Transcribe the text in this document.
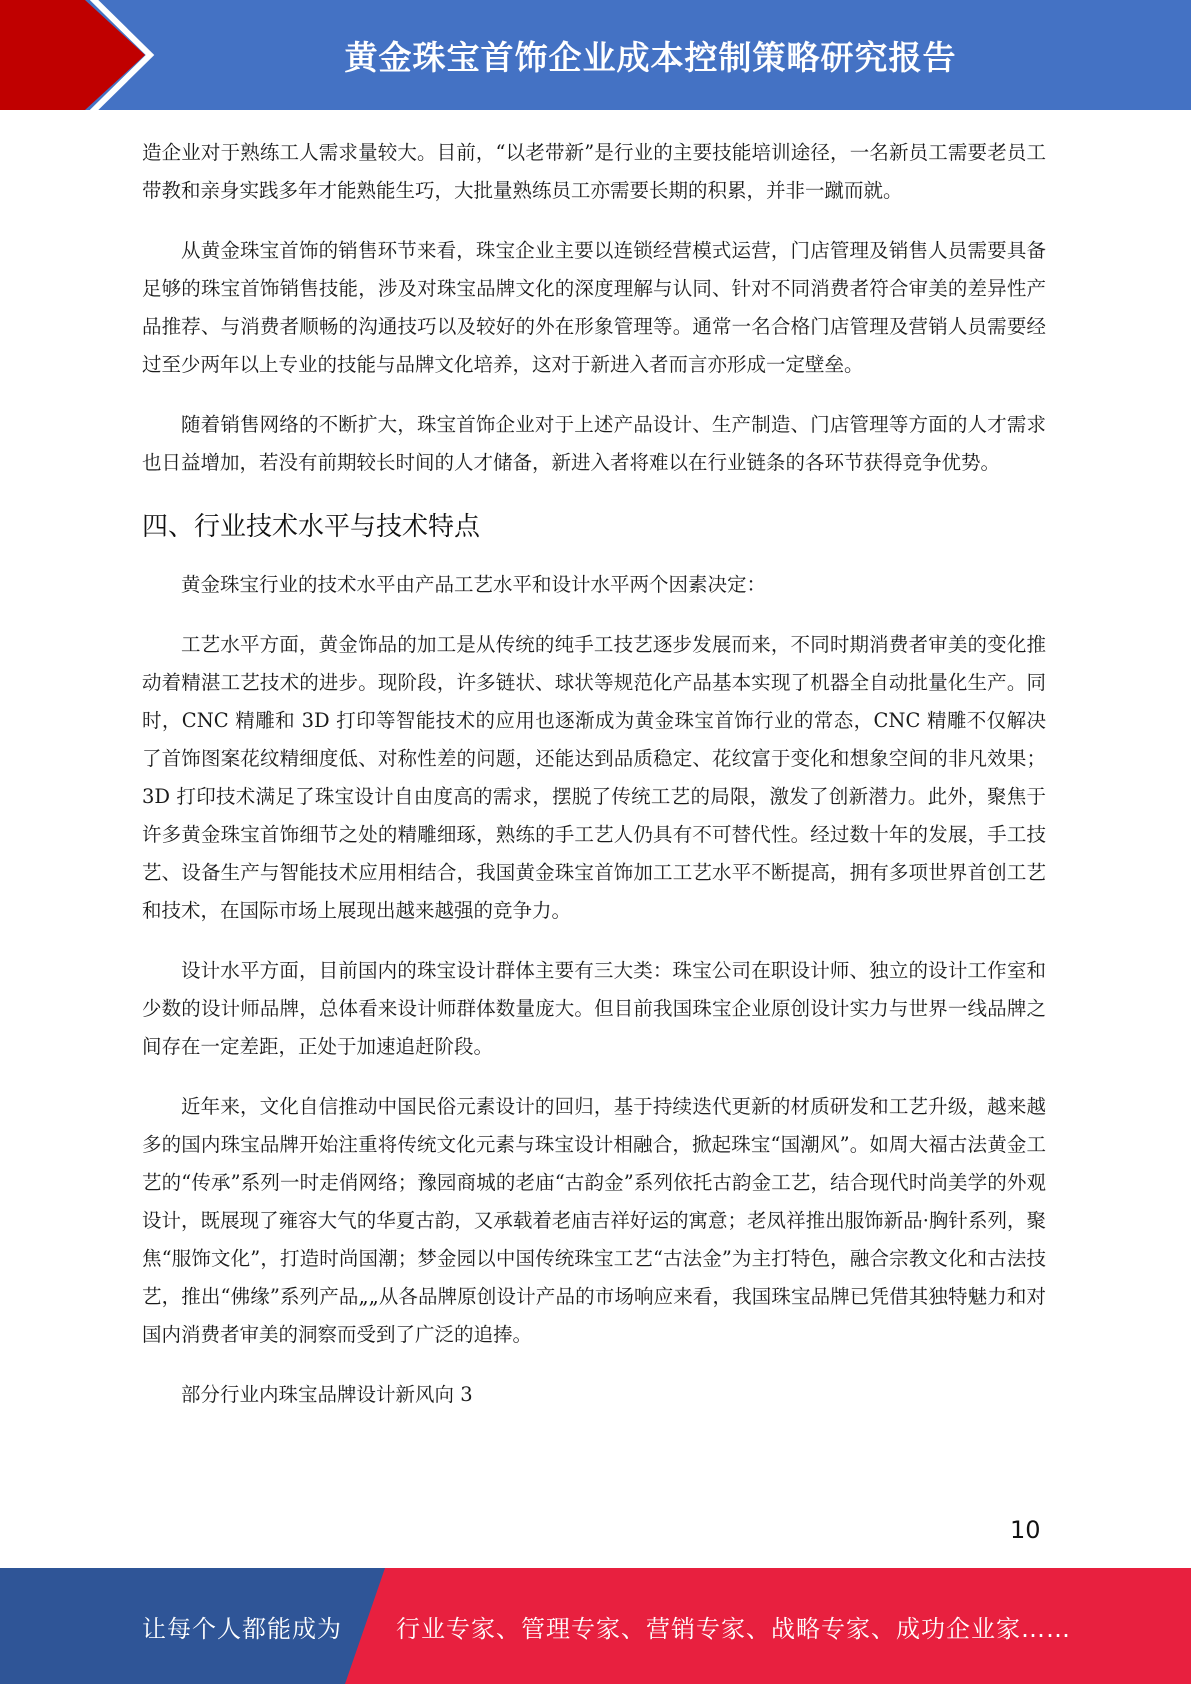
黄金珠宝首饰企业成本控制策略研究报告

造企业对于熟练工人需求量较大。目前，“以老带新”是行业的主要技能培训途径，一名新员工需要老员工带教和亲身实践多年才能熟能生巧，大批量熟练员工亦需要长期的积累，并非一蹴而就。

从黄金珠宝首饰的销售环节来看，珠宝企业主要以连锁经营模式运营，门店管理及销售人员需要具备足够的珠宝首饰销售技能，涉及对珠宝品牌文化的深度理解与认同、针对不同消费者符合审美的差异性产品推荐、与消费者顺畅的沟通技巧以及较好的外在形象管理等。通常一名合格门店管理及营销人员需要经过至少两年以上专业的技能与品牌文化培养，这对于新进入者而言亦形成一定壁垒。

随着销售网络的不断扩大，珠宝首饰企业对于上述产品设计、生产制造、门店管理等方面的人才需求也日益增加，若没有前期较长时间的人才储备，新进入者将难以在行业链条的各环节获得竞争优势。

四、行业技术水平与技术特点

黄金珠宝行业的技术水平由产品工艺水平和设计水平两个因素决定：

工艺水平方面，黄金饰品的加工是从传统的纯手工技艺逐步发展而来，不同时期消费者审美的变化推动着精湛工艺技术的进步。现阶段，许多链状、球状等规范化产品基本实现了机器全自动批量化生产。同时，CNC 精雕和 3D 打印等智能技术的应用也逐渐成为黄金珠宝首饰行业的常态，CNC 精雕不仅解决了首饰图案花纹精细度低、对称性差的问题，还能达到品质稳定、花纹富于变化和想象空间的非凡效果；3D 打印技术满足了珠宝设计自由度高的需求，摆脱了传统工艺的局限，激发了创新潜力。此外，聚焦于许多黄金珠宝首饰细节之处的精雕细琢，熟练的手工艺人仍具有不可替代性。经过数十年的发展，手工技艺、设备生产与智能技术应用相结合，我国黄金珠宝首饰加工工艺水平不断提高，拥有多项世界首创工艺和技术，在国际市场上展现出越来越强的竞争力。

设计水平方面，目前国内的珠宝设计群体主要有三大类：珠宝公司在职设计师、独立的设计工作室和少数的设计师品牌，总体看来设计师群体数量庞大。但目前我国珠宝企业原创设计实力与世界一线品牌之间存在一定差距，正处于加速追赶阶段。

近年来，文化自信推动中国民俗元素设计的回归，基于持续迭代更新的材质研发和工艺升级，越来越多的国内珠宝品牌开始注重将传统文化元素与珠宝设计相融合，掀起珠宝“国潮风”。如周大福古法黄金工艺的“传承”系列一时走俏网络；豫园商城的老庙“古韵金”系列依托古韵金工艺，结合现代时尚美学的外观设计，既展现了雍容大气的华夏古韵，又承载着老庙吉祥好运的寓意；老凤祥推出服饰新品·胸针系列，聚焦“服饰文化”，打造时尚国潮；梦金园以中国传统珠宝工艺“古法金”为主打特色，融合宗教文化和古法技艺，推出“佛缘”系列产品„„从各品牌原创设计产品的市场响应来看，我国珠宝品牌已凭借其独特魅力和对国内消费者审美的洞察而受到了广泛的追捧。

部分行业内珠宝品牌设计新风向 3

10
让每个人都能成为 行业专家、管理专家、营销专家、战略专家、成功企业家……
